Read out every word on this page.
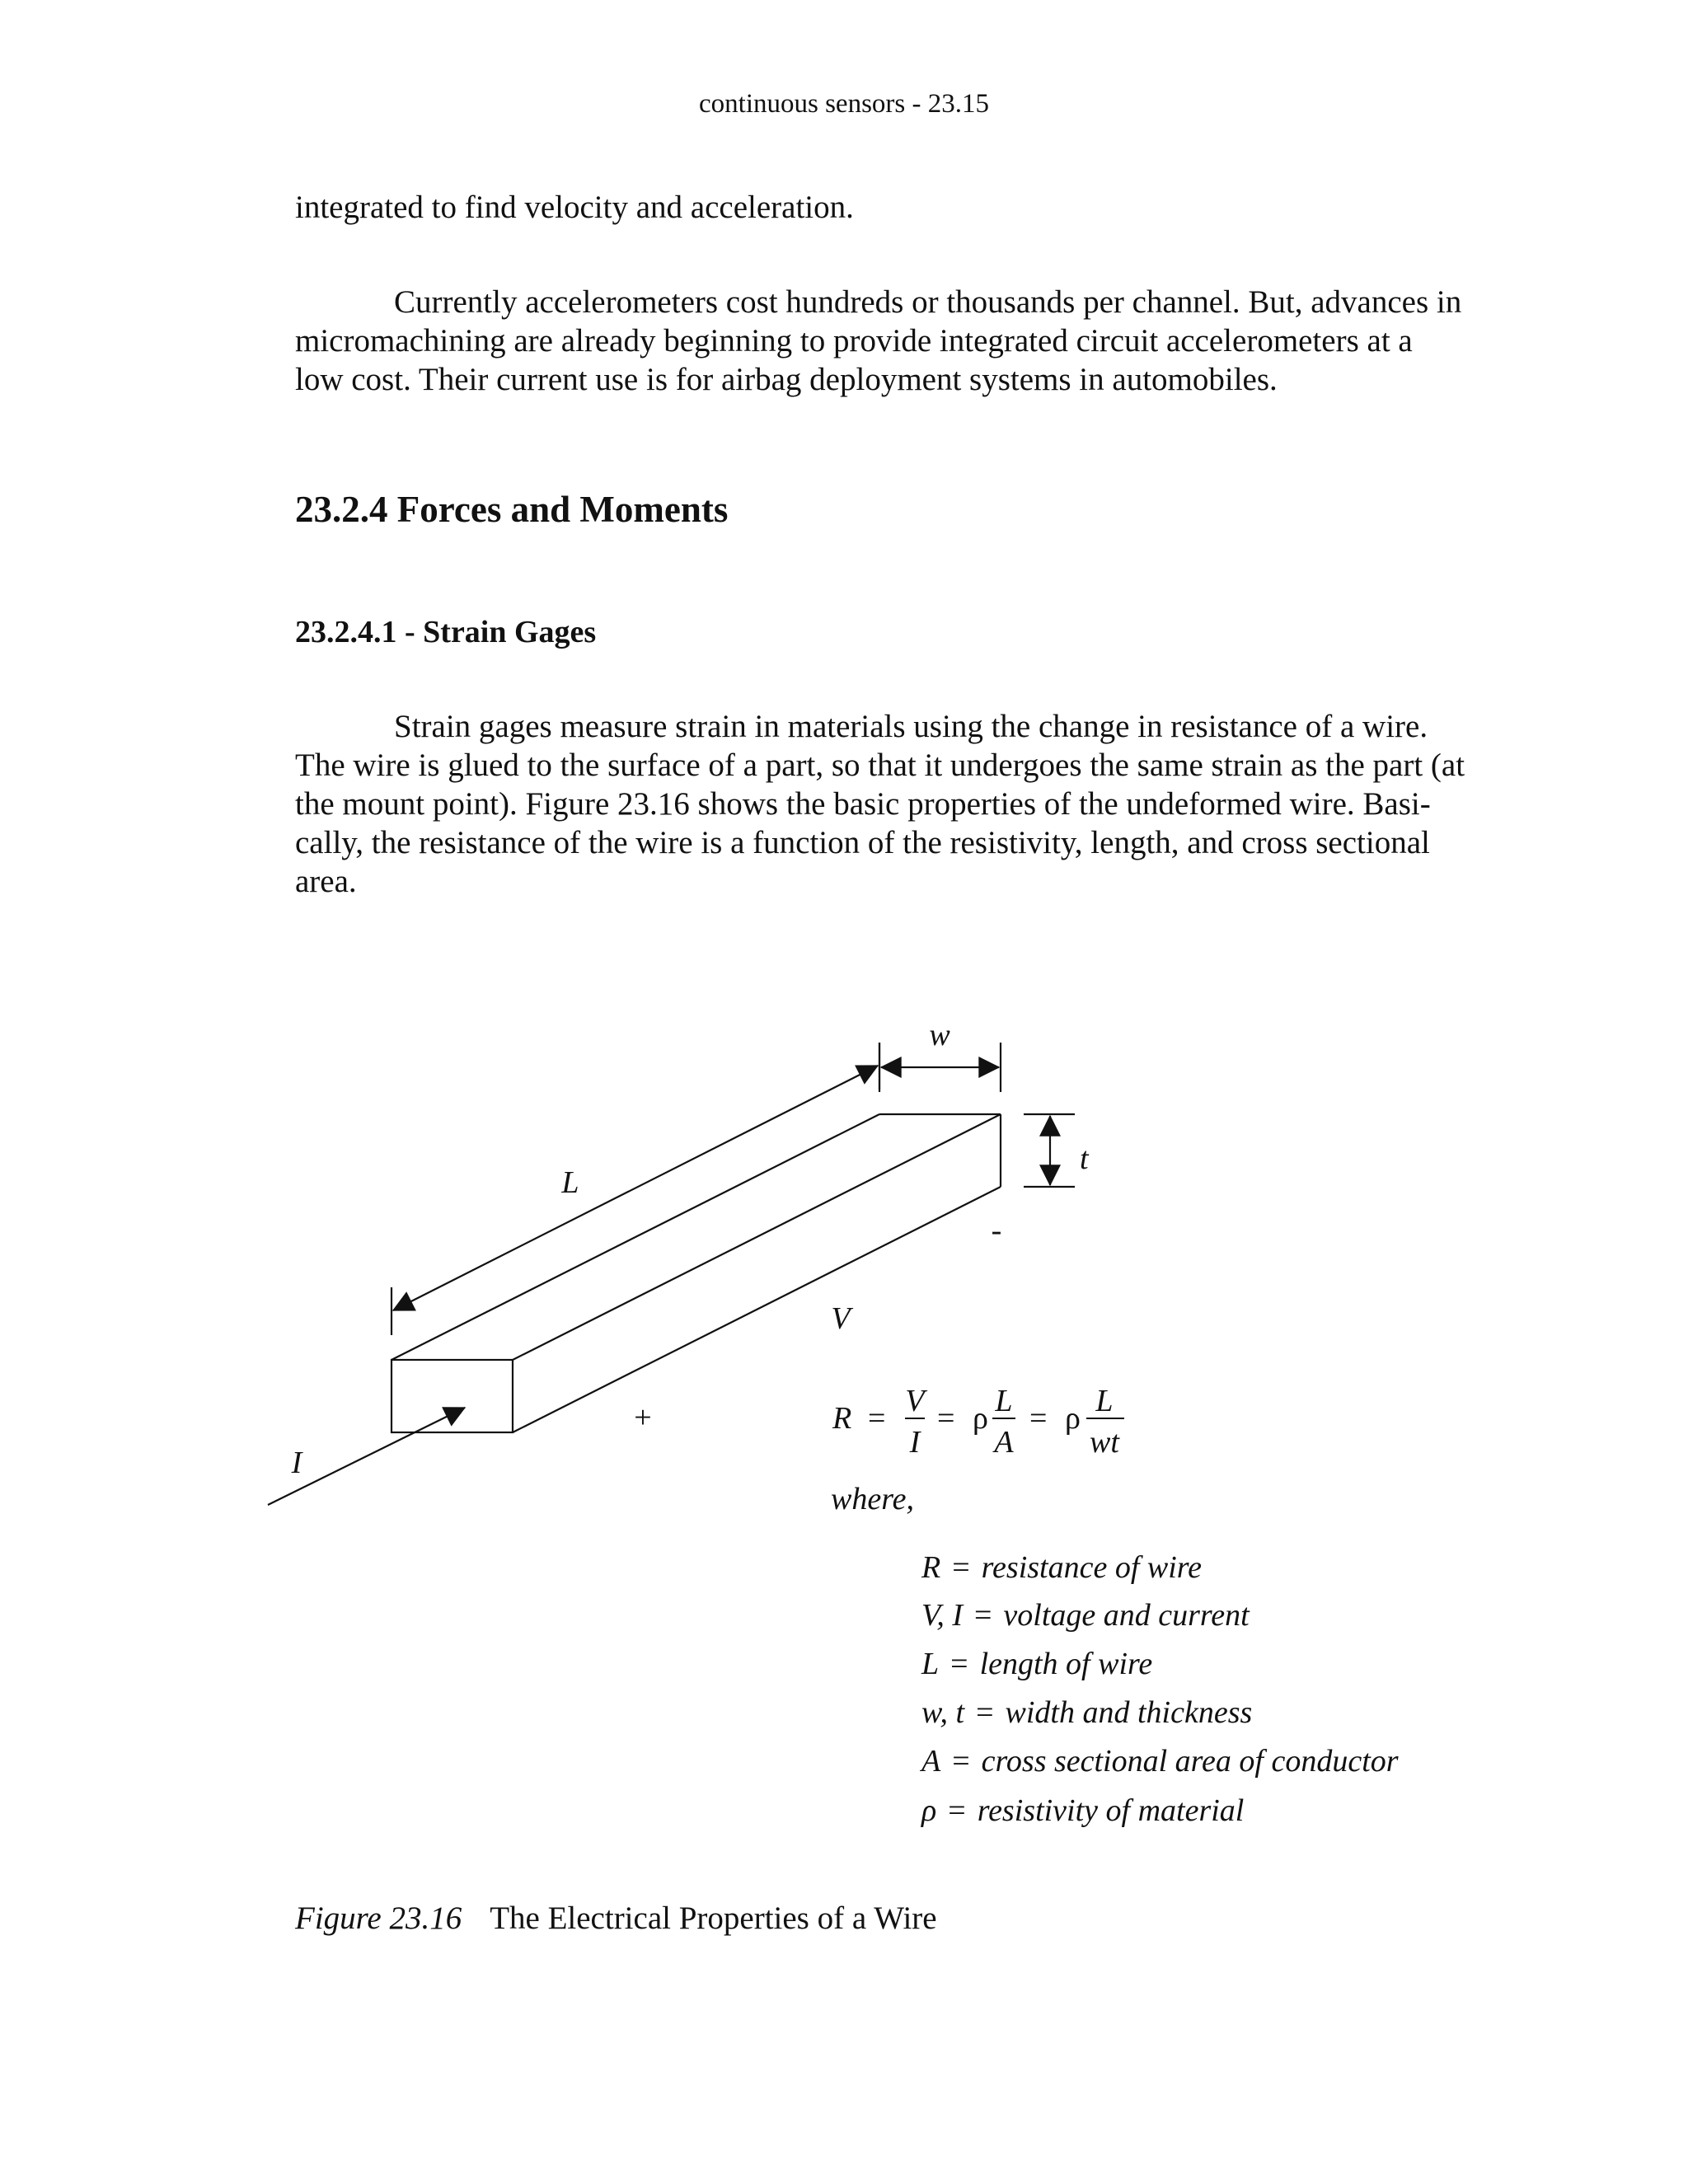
continuous sensors - 23.15

integrated to find velocity and acceleration.

Currently accelerometers cost hundreds or thousands per channel. But, advances in
micromachining are already beginning to provide integrated circuit accelerometers at a
low cost. Their current use is for airbag deployment systems in automobiles.

23.2.4 Forces and Moments
23.2.4.1 - Strain Gages

Strain gages measure strain in materials using the change in resistance of a wire.
The wire is glued to the surface of a part, so that it undergoes the same strain as the part (at
the mount point). Figure 23.16 shows the basic properties of the undeformed wire. Basi-
cally, the resistance of the wire is a function of the resistivity, length, and cross sectional
area.

w
t
L
V
I
+
-
R = V
I
= ρ L
A
= ρ L
wt
where,
R = resistance of wire
V, I = voltage and current
L = length of wire
w, t = width and thickness
A = cross sectional area of conductor
ρ = resistivity of material
Figure 23.16 The Electrical Properties of a Wire
